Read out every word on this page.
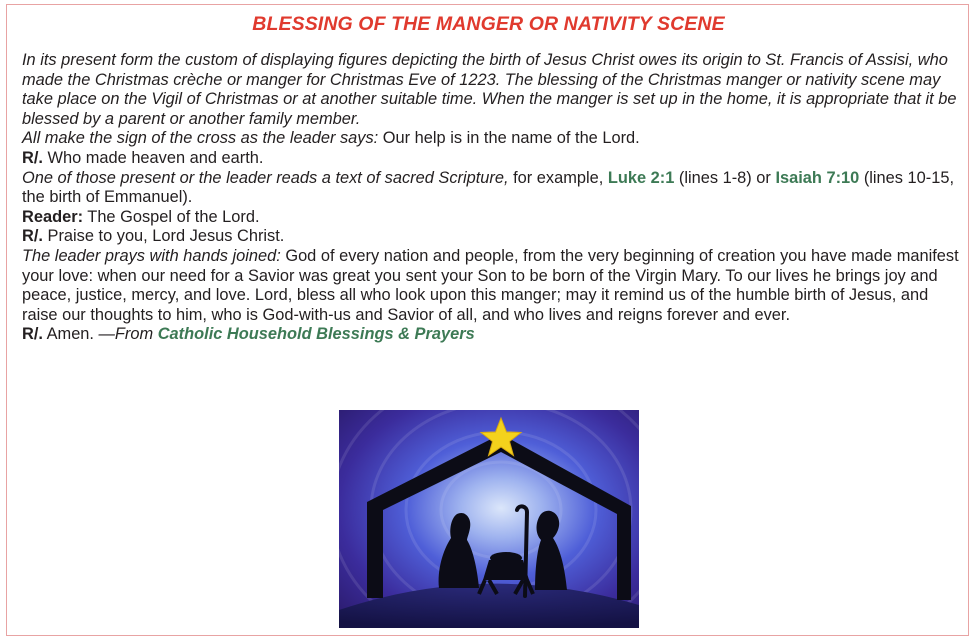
BLESSING OF THE MANGER OR NATIVITY SCENE

In its present form the custom of displaying figures depicting the birth of Jesus Christ owes its origin to St. Francis of Assisi, who made the Christmas crèche or manger for Christmas Eve of 1223. The blessing of the Christmas manger or nativity scene may take place on the Vigil of Christmas or at another suitable time. When the manger is set up in the home, it is appropriate that it be blessed by a parent or another family member.

All make the sign of the cross as the leader says: Our help is in the name of the Lord.

R/. Who made heaven and earth.

One of those present or the leader reads a text of sacred Scripture, for example, Luke 2:1 (lines 1-8) or Isaiah 7:10 (lines 10-15, the birth of Emmanuel).

Reader: The Gospel of the Lord.

R/. Praise to you, Lord Jesus Christ.

The leader prays with hands joined: God of every nation and people, from the very beginning of creation you have made manifest your love: when our need for a Savior was great you sent your Son to be born of the Virgin Mary. To our lives he brings joy and peace, justice, mercy, and love. Lord, bless all who look upon this manger; may it remind us of the humble birth of Jesus, and raise our thoughts to him, who is God-with-us and Savior of all, and who lives and reigns forever and ever.

R/. Amen. —From Catholic Household Blessings & Prayers
